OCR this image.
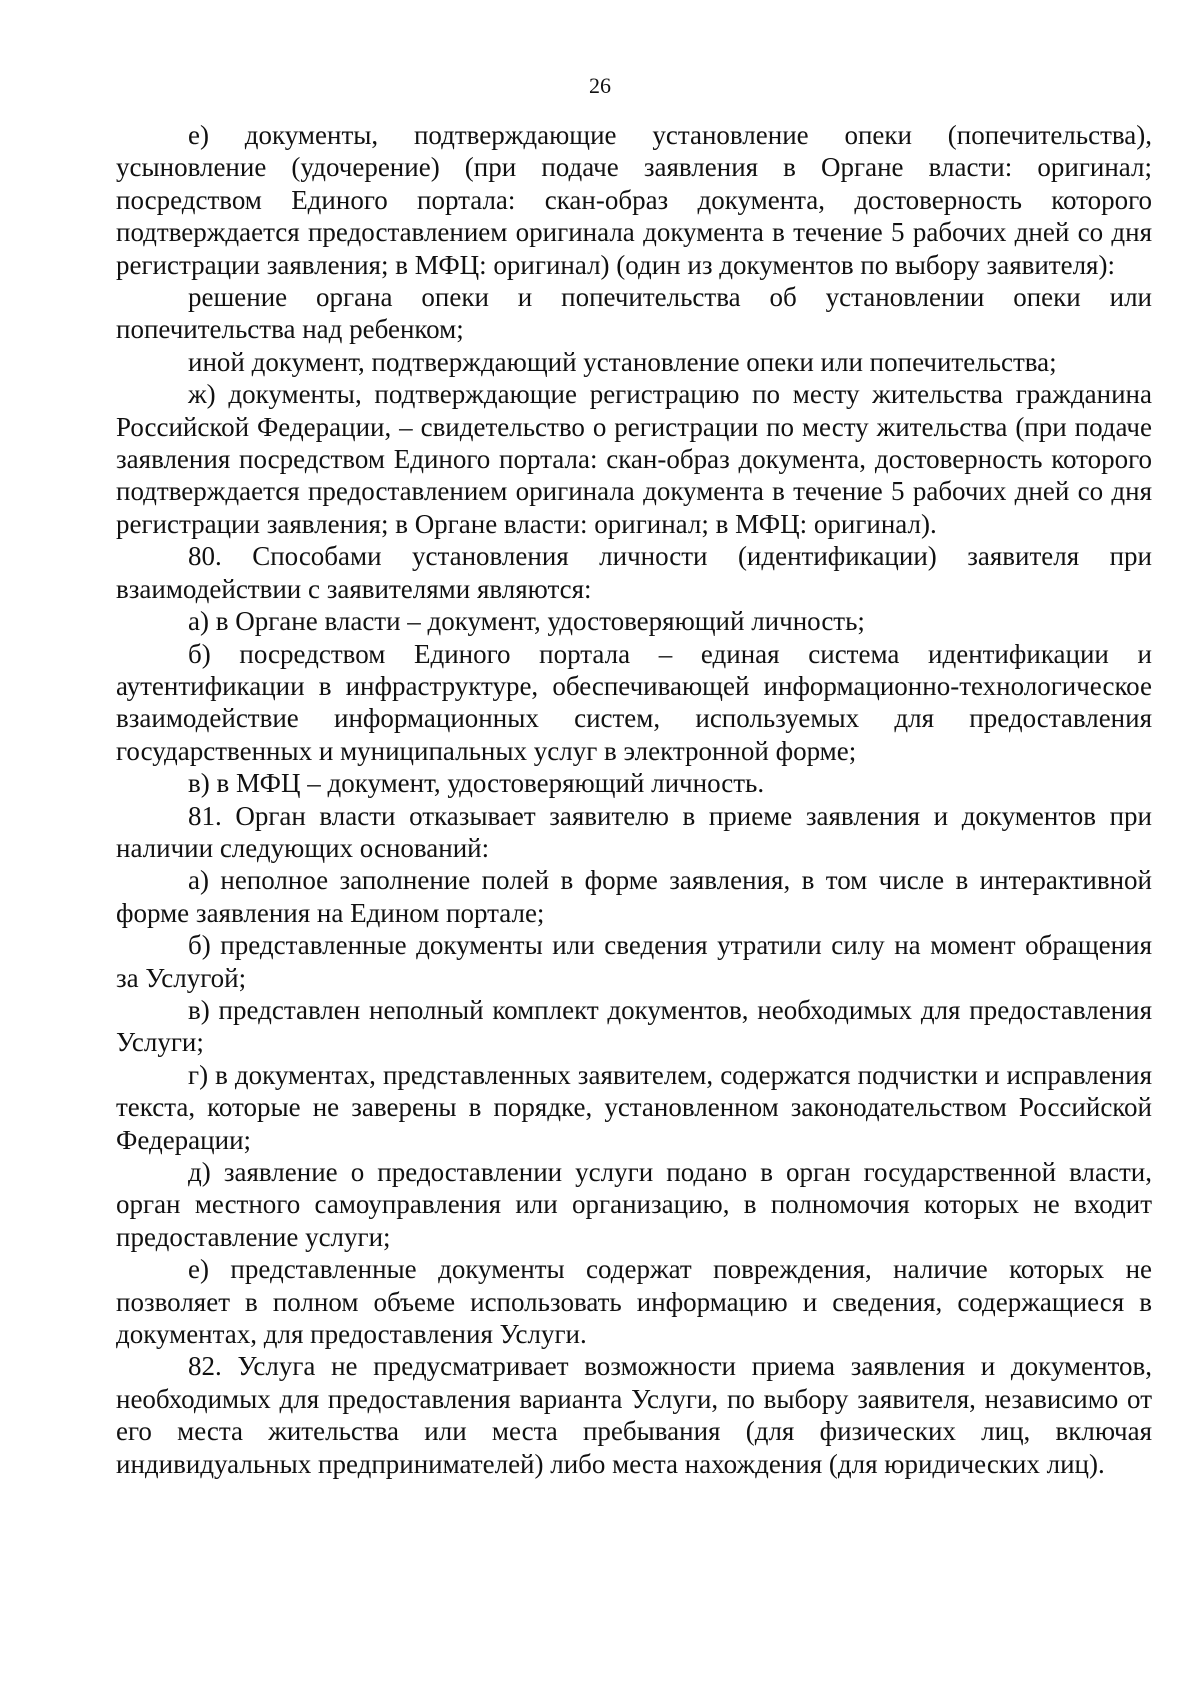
26

е) документы, подтверждающие установление опеки (попечительства), усыновление (удочерение) (при подаче заявления в Органе власти: оригинал; посредством Единого портала: скан-образ документа, достоверность которого подтверждается предоставлением оригинала документа в течение 5 рабочих дней со дня регистрации заявления; в МФЦ: оригинал) (один из документов по выбору заявителя):

решение органа опеки и попечительства об установлении опеки или попечительства над ребенком;

иной документ, подтверждающий установление опеки или попечительства;

ж) документы, подтверждающие регистрацию по месту жительства гражданина Российской Федерации, – свидетельство о регистрации по месту жительства (при подаче заявления посредством Единого портала: скан-образ документа, достоверность которого подтверждается предоставлением оригинала документа в течение 5 рабочих дней со дня регистрации заявления; в Органе власти: оригинал; в МФЦ: оригинал).

80. Способами установления личности (идентификации) заявителя при взаимодействии с заявителями являются:

а) в Органе власти – документ, удостоверяющий личность;

б) посредством Единого портала – единая система идентификации и аутентификации в инфраструктуре, обеспечивающей информационно-технологическое взаимодействие информационных систем, используемых для предоставления государственных и муниципальных услуг в электронной форме;

в) в МФЦ – документ, удостоверяющий личность.

81. Орган власти отказывает заявителю в приеме заявления и документов при наличии следующих оснований:

а) неполное заполнение полей в форме заявления, в том числе в интерактивной форме заявления на Едином портале;

б) представленные документы или сведения утратили силу на момент обращения за Услугой;

в) представлен неполный комплект документов, необходимых для предоставления Услуги;

г) в документах, представленных заявителем, содержатся подчистки и исправления текста, которые не заверены в порядке, установленном законодательством Российской Федерации;

д) заявление о предоставлении услуги подано в орган государственной власти, орган местного самоуправления или организацию, в полномочия которых не входит предоставление услуги;

е) представленные документы содержат повреждения, наличие которых не позволяет в полном объеме использовать информацию и сведения, содержащиеся в документах, для предоставления Услуги.

82. Услуга не предусматривает возможности приема заявления и документов, необходимых для предоставления варианта Услуги, по выбору заявителя, независимо от его места жительства или места пребывания (для физических лиц, включая индивидуальных предпринимателей) либо места нахождения (для юридических лиц).
